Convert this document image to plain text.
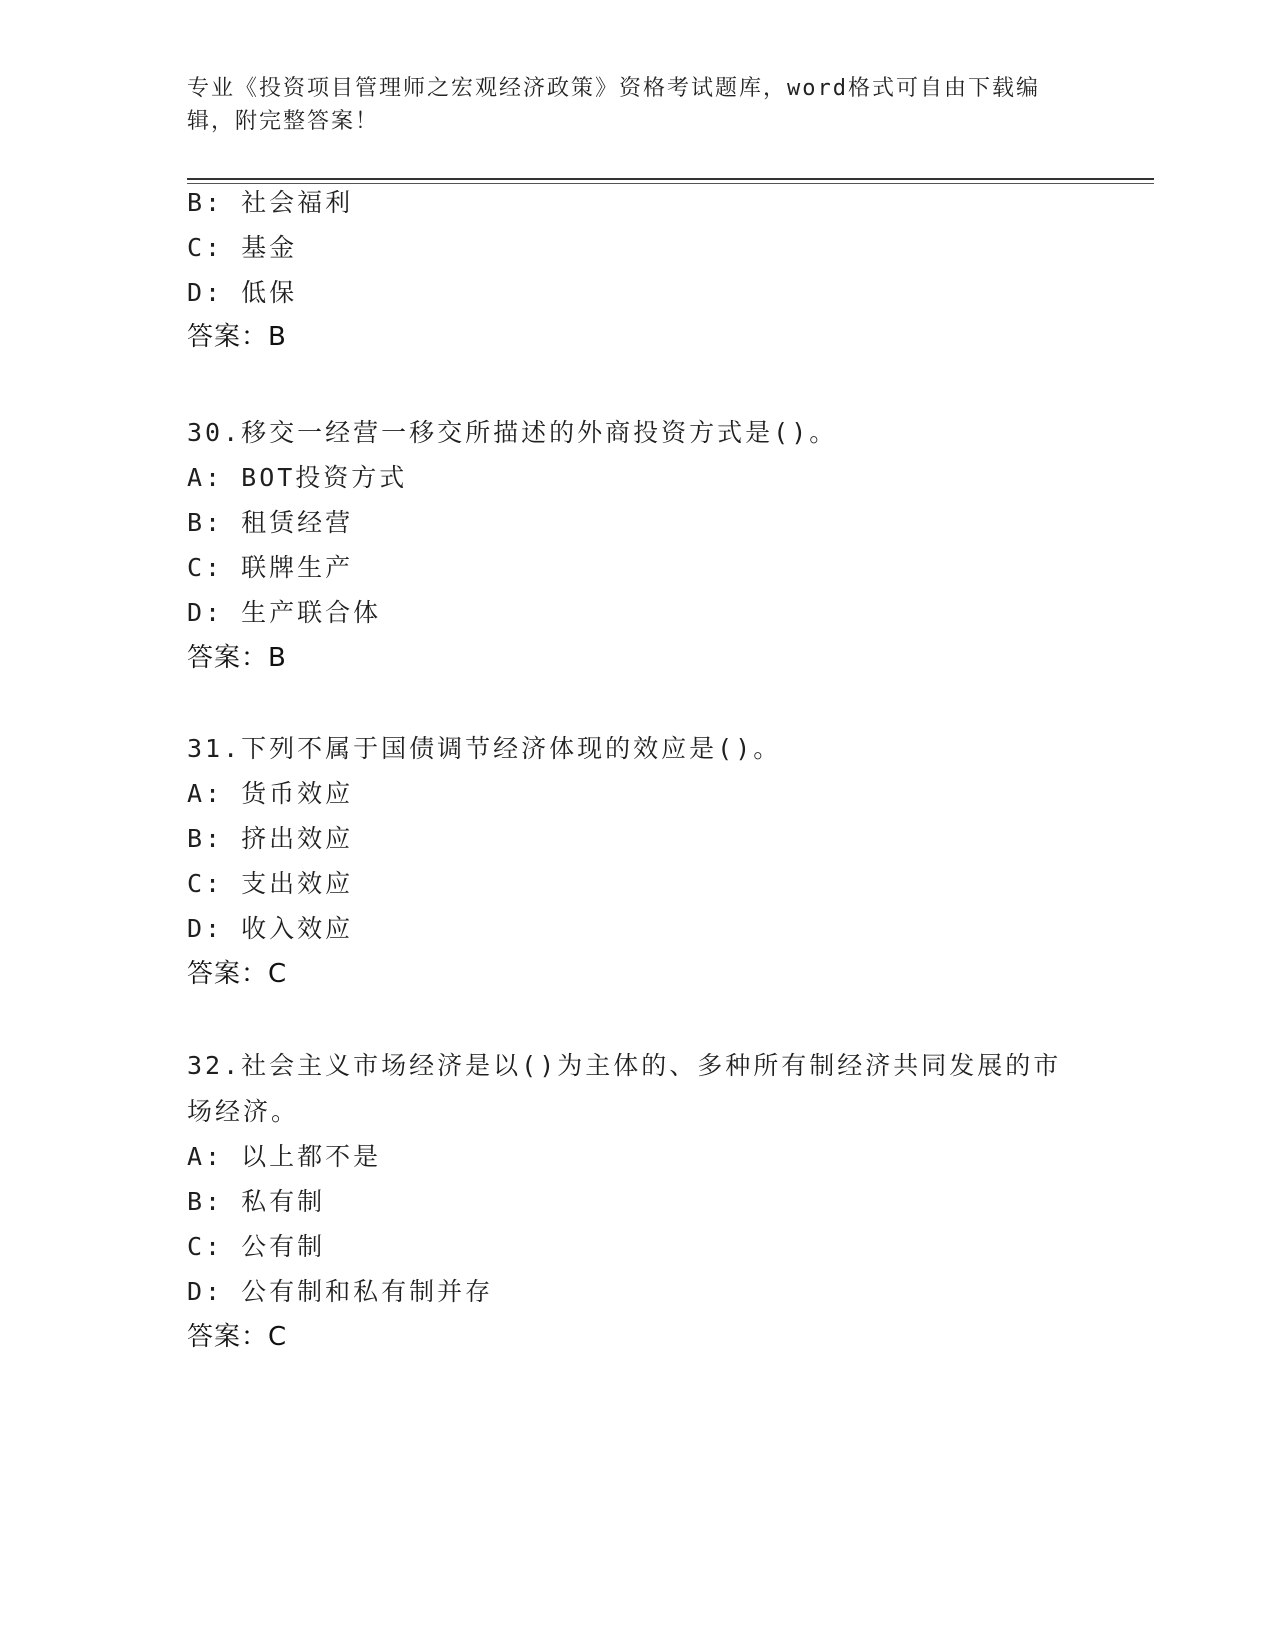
专业《投资项目管理师之宏观经济政策》资格考试题库，word格式可自由下载编辑，附完整答案！
B: 社会福利
C: 基金
D: 低保
答案：B
30.移交一经营一移交所描述的外商投资方式是()。
A: BOT投资方式
B: 租赁经营
C: 联牌生产
D: 生产联合体
答案：B
31.下列不属于国债调节经济体现的效应是()。
A: 货币效应
B: 挤出效应
C: 支出效应
D: 收入效应
答案：C
32.社会主义市场经济是以()为主体的、多种所有制经济共同发展的市场经济。
A: 以上都不是
B: 私有制
C: 公有制
D: 公有制和私有制并存
答案：C
